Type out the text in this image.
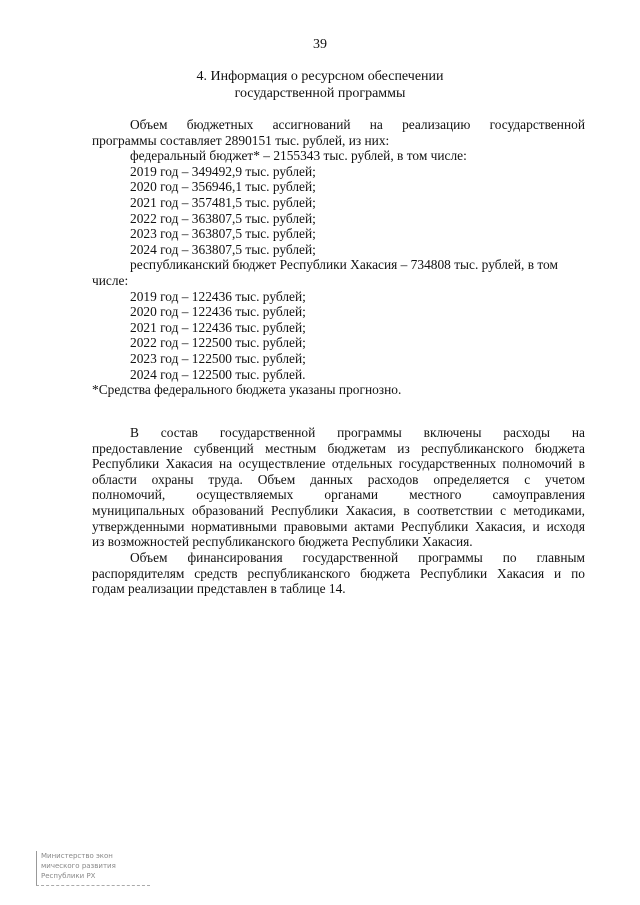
39
4. Информация о ресурсном обеспечении
государственной программы
Объем бюджетных ассигнований на реализацию государственной
программы составляет 2890151 тыс. рублей, из них:
федеральный бюджет* – 2155343 тыс. рублей, в том числе:
2019 год – 349492,9 тыс. рублей;
2020 год – 356946,1 тыс. рублей;
2021 год – 357481,5 тыс. рублей;
2022 год – 363807,5 тыс. рублей;
2023 год – 363807,5 тыс. рублей;
2024 год – 363807,5 тыс. рублей;
республиканский бюджет Республики Хакасия – 734808 тыс. рублей, в том
числе:
2019 год – 122436 тыс. рублей;
2020 год – 122436 тыс. рублей;
2021 год – 122436 тыс. рублей;
2022 год – 122500 тыс. рублей;
2023 год – 122500 тыс. рублей;
2024 год – 122500 тыс. рублей.
*Средства федерального бюджета указаны прогнозно.
В состав государственной программы включены расходы на
предоставление субвенций местным бюджетам из республиканского бюджета
Республики Хакасия на осуществление отдельных государственных полномочий в
области охраны труда. Объем данных расходов определяется с учетом
полномочий, осуществляемых органами местного самоуправления
муниципальных образований Республики Хакасия, в соответствии с методиками,
утвержденными нормативными правовыми актами Республики Хакасия, и исходя
из возможностей республиканского бюджета Республики Хакасия.
Объем финансирования государственной программы по главным
распорядителям средств республиканского бюджета Республики Хакасия и по
годам реализации представлен в таблице 14.
Министерство экон
мического развития
Республики РХ
